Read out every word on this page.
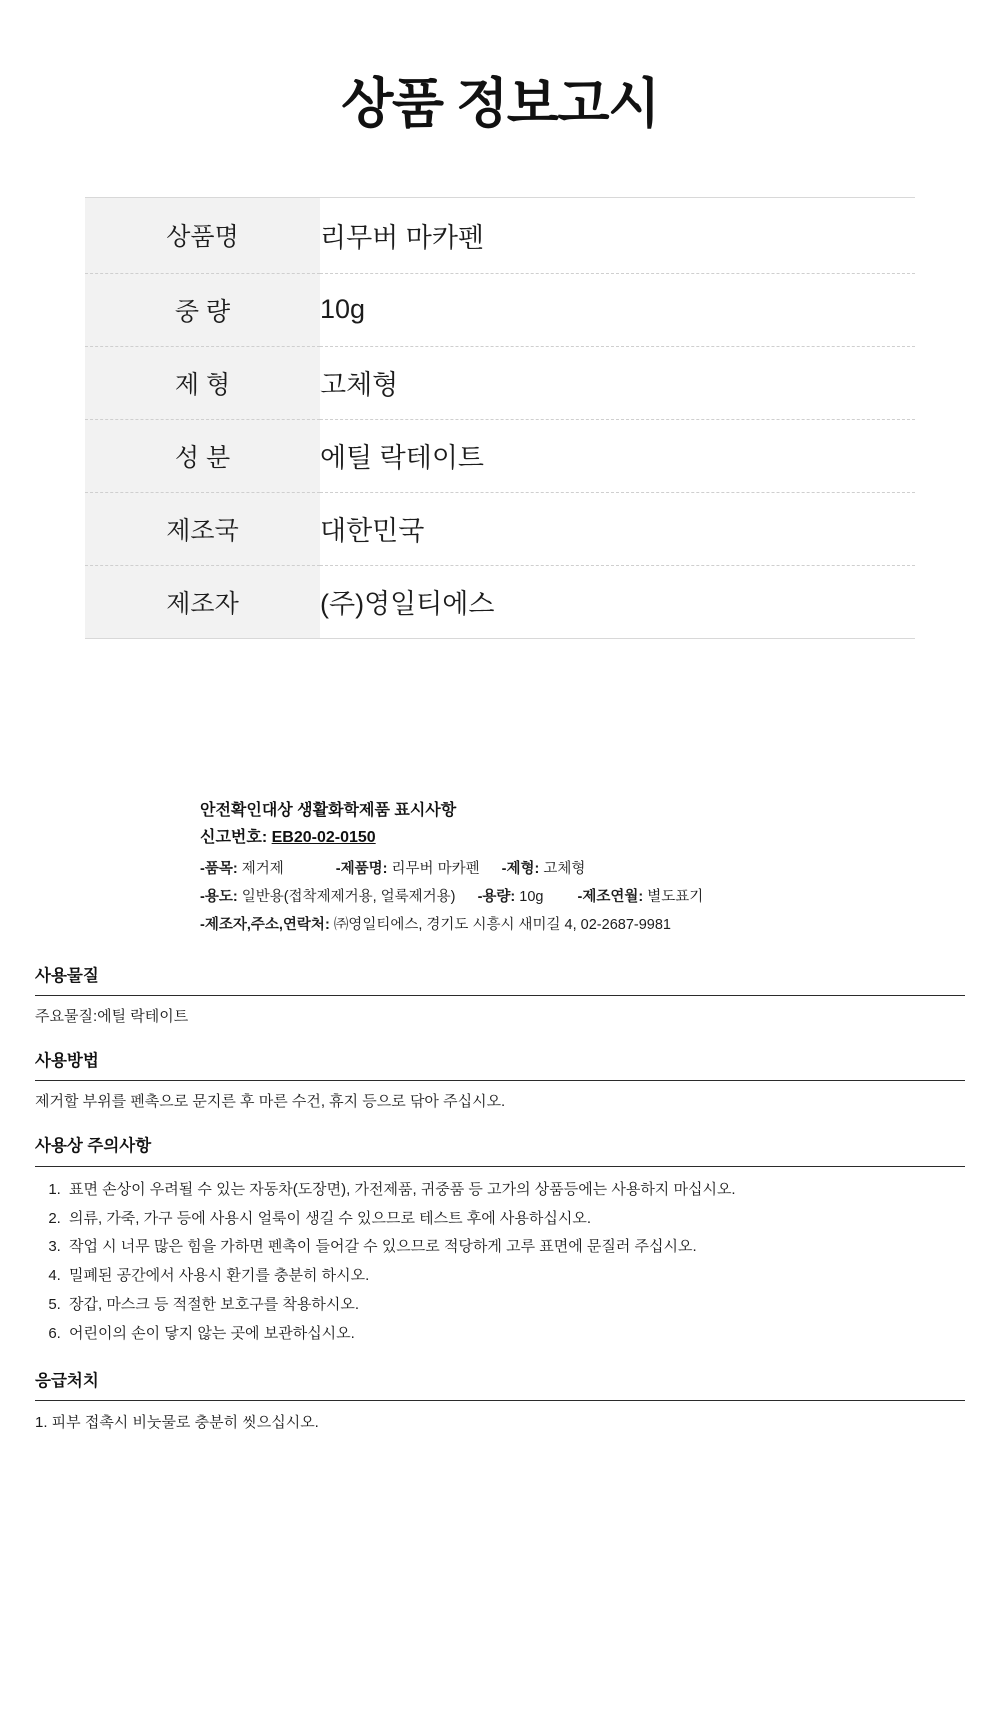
상품 정보고시
상품명	리무버 마카펜
중 량	10g
제 형	고체형
성 분	에틸 락테이트
제조국	대한민국
제조자	(주)영일티에스
안전확인대상 생활화학제품 표시사항
신고번호: EB20-02-0150
-품목: 제거제	-제품명: 리무버 마카펜 -제형: 고체형
-용도: 일반용(접착제제거용, 얼룩제거용) -용량: 10g -제조연월: 별도표기
-제조자,주소,연락처: ㈜영일티에스, 경기도 시흥시 새미길 4, 02-2687-9981
사용물질

주요물질:에틸 락테이트

사용방법

제거할 부위를 펜촉으로 문지른 후 마른 수건, 휴지 등으로 닦아 주십시오.

사용상 주의사항
1. 표면 손상이 우려될 수 있는 자동차(도장면), 가전제품, 귀중품 등 고가의 상품등에는 사용하지 마십시오.
2. 의류, 가죽, 가구 등에 사용시 얼룩이 생길 수 있으므로 테스트 후에 사용하십시오.
3. 작업 시 너무 많은 힘을 가하면 펜촉이 들어갈 수 있으므로 적당하게 고루 표면에 문질러 주십시오.
4. 밀폐된 공간에서 사용시 환기를 충분히 하시오.
5. 장갑, 마스크 등 적절한 보호구를 착용하시오.
6. 어린이의 손이 닿지 않는 곳에 보관하십시오.
응급처치
1. 피부 접촉시 비눗물로 충분히 씻으십시오.
